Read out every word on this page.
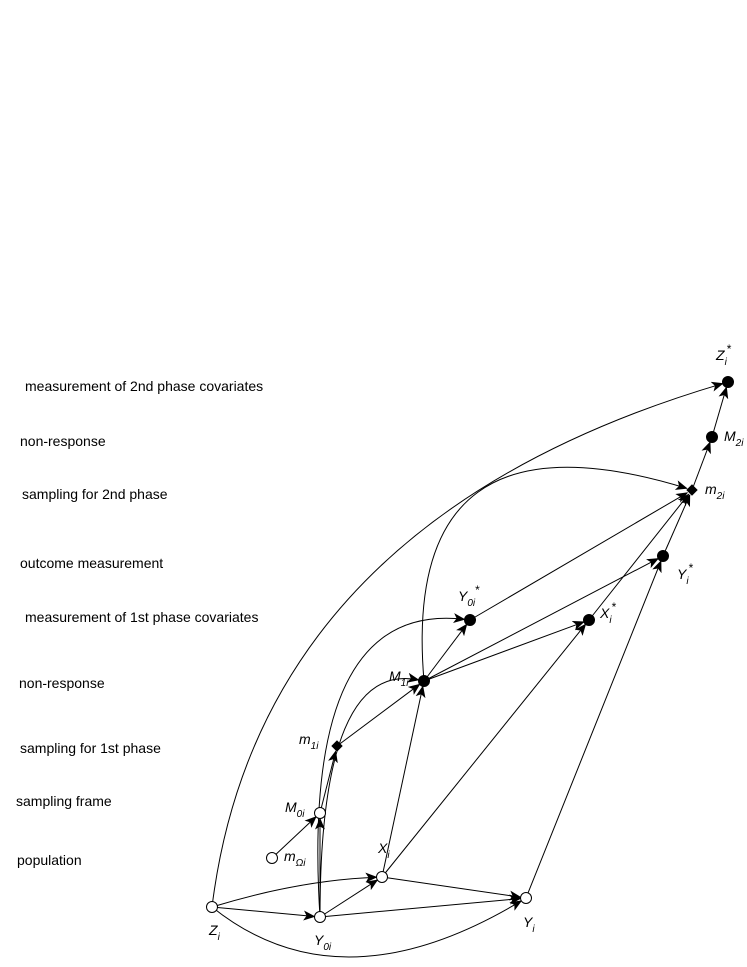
measurement of 2nd phase covariates
non-response
sampling for 2nd phase
outcome measurement
measurement of 1st phase covariates
non-response
sampling for 1st phase
sampling frame
population
$Z_i$	$Y_{0i}$
$X_i$
$Y_i$
$m_{\Omega i}$
$M_{0i}$
$m_{1i}$
$M_{1i}$
$Y_{0i}*$
$X_i*$
$Y_i*$
$m_{2i}$
$M_{2i}$
$Z_i*$
